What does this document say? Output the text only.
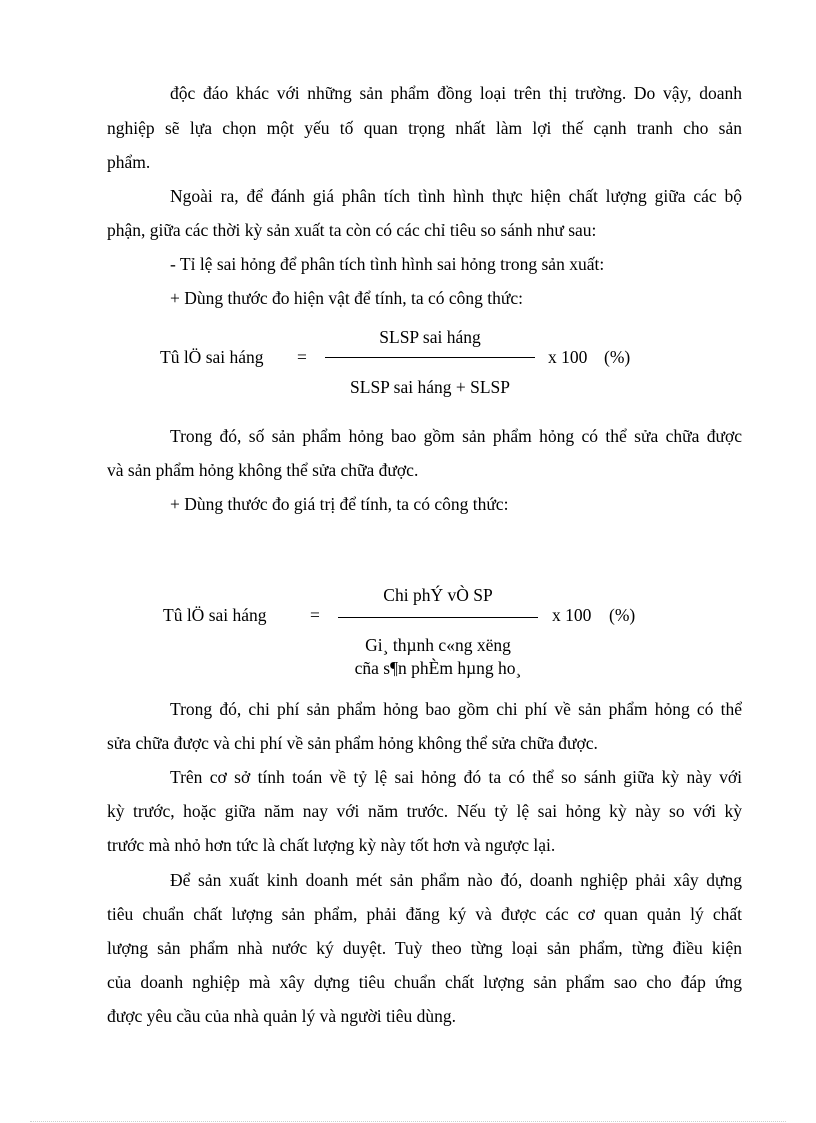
độc đáo khác với những sản phẩm đồng loại trên thị trường. Do vậy, doanh
nghiệp sẽ lựa chọn một yếu tố quan trọng nhất làm lợi thế cạnh tranh cho sản
phẩm.
Ngoài ra, để đánh giá phân tích tình hình thực hiện chất lượng giữa các bộ
phận, giữa các thời kỳ sản xuất ta còn có các chỉ tiêu so sánh như sau:
- Tỉ lệ sai hỏng để phân tích tình hình sai hỏng trong sản xuất:
+ Dùng thước đo hiện vật để tính, ta có công thức:
Tû lÖ sai háng =
SLSP sai háng
SLSP sai háng + SLSP
x 100 (%)
Trong đó, số sản phẩm hỏng bao gồm sản phẩm hỏng có thể sửa chữa được
và sản phẩm hỏng không thể sửa chữa được.
+ Dùng thước đo giá trị để tính, ta có công thức:
Tû lÖ sai háng =
Chi phÝ vÒ SP
Gi¸ thµnh c«ng xëng
cña s¶n phÈm hµng ho¸
x 100 (%)
Trong đó, chi phí sản phẩm hỏng bao gồm chi phí về sản phẩm hỏng có thể
sửa chữa được và chi phí về sản phẩm hỏng không thể sửa chữa được.
Trên cơ sở tính toán về tỷ lệ sai hỏng đó ta có thể so sánh giữa kỳ này với
kỳ trước, hoặc giữa năm nay với năm trước. Nếu tỷ lệ sai hỏng kỳ này so với kỳ
trước mà nhỏ hơn tức là chất lượng kỳ này tốt hơn và ngược lại.
Để sản xuất kinh doanh mét sản phẩm nào đó, doanh nghiệp phải xây dựng
tiêu chuẩn chất lượng sản phẩm, phải đăng ký và được các cơ quan quản lý chất
lượng sản phẩm nhà nước ký duyệt. Tuỳ theo từng loại sản phẩm, từng điều kiện
của doanh nghiệp mà xây dựng tiêu chuẩn chất lượng sản phẩm sao cho đáp ứng
được yêu cầu của nhà quản lý và người tiêu dùng.
